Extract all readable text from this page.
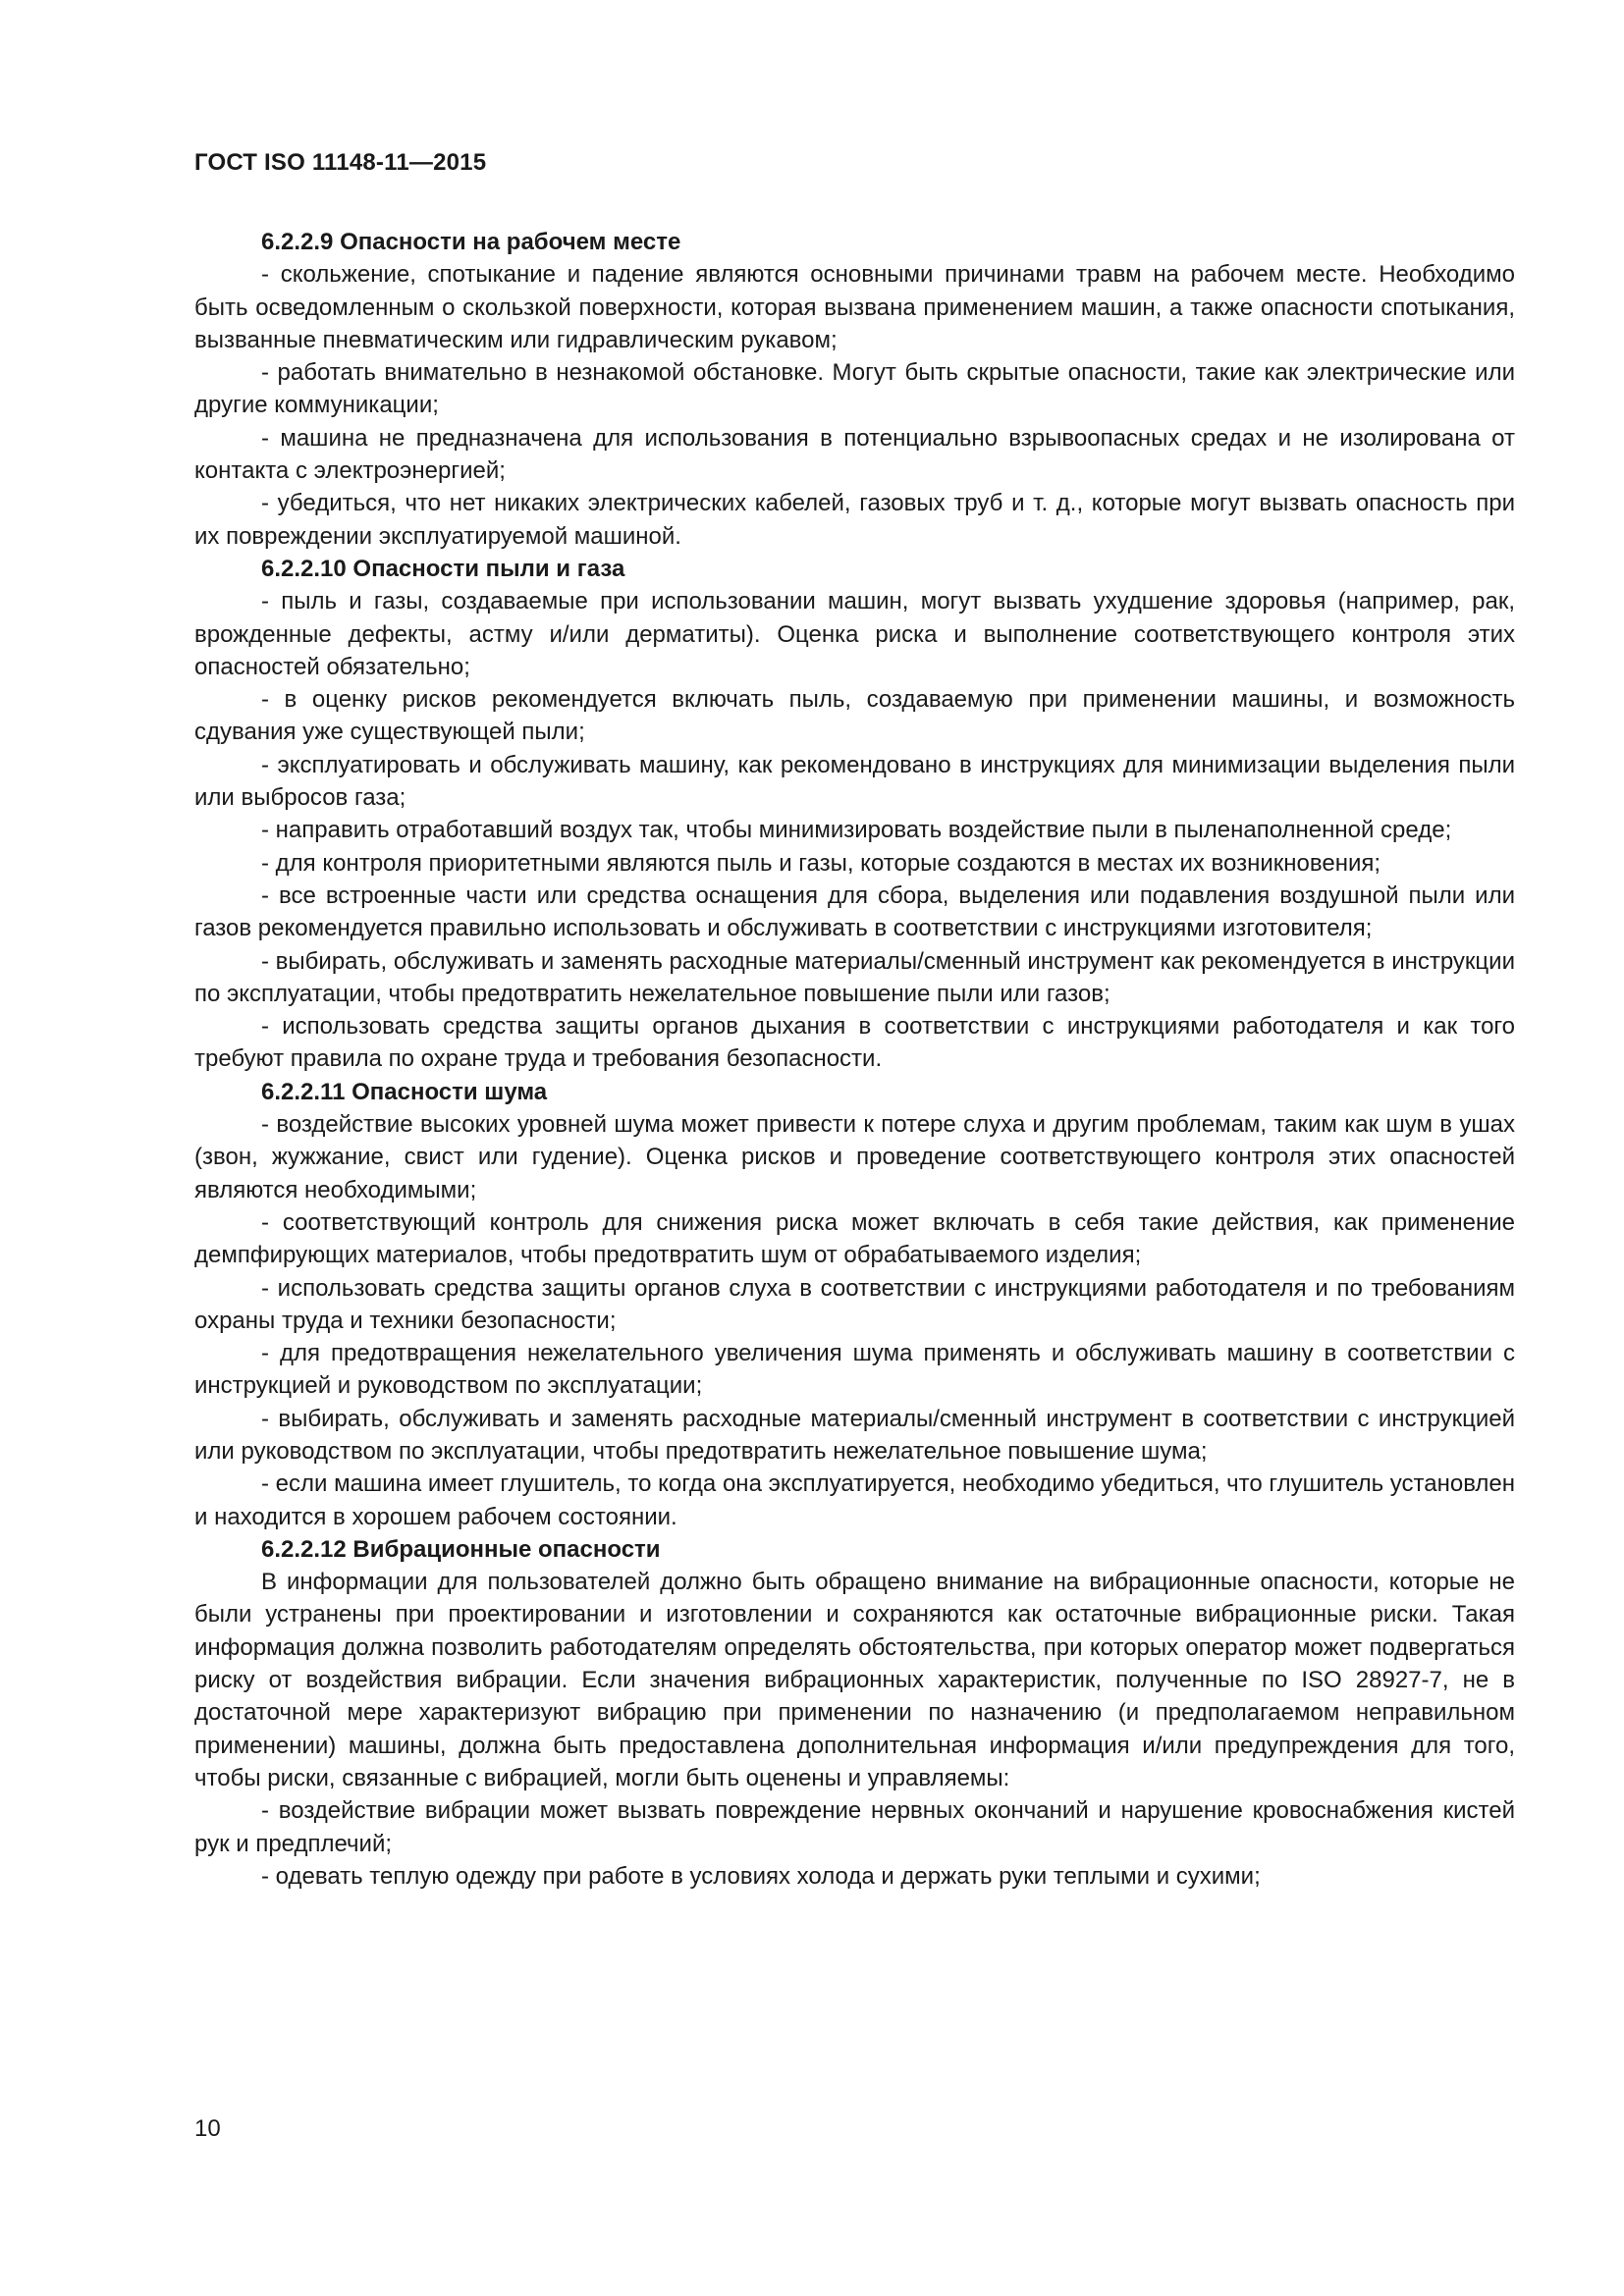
ГОСТ ISO 11148-11—2015
6.2.2.9 Опасности на рабочем месте

- скольжение, спотыкание и падение являются основными причинами травм на рабочем месте. Необходимо быть осведомленным о скользкой поверхности, которая вызвана применением машин, а также опасности спотыкания, вызванные пневматическим или гидравлическим рукавом;

- работать внимательно в незнакомой обстановке. Могут быть скрытые опасности, такие как электрические или другие коммуникации;

- машина не предназначена для использования в потенциально взрывоопасных средах и не изолирована от контакта с электроэнергией;

- убедиться, что нет никаких электрических кабелей, газовых труб и т. д., которые могут вызвать опасность при их повреждении эксплуатируемой машиной.

6.2.2.10 Опасности пыли и газа

- пыль и газы, создаваемые при использовании машин, могут вызвать ухудшение здоровья (например, рак, врожденные дефекты, астму и/или дерматиты). Оценка риска и выполнение соответствующего контроля этих опасностей обязательно;

- в оценку рисков рекомендуется включать пыль, создаваемую при применении машины, и возможность сдувания уже существующей пыли;

- эксплуатировать и обслуживать машину, как рекомендовано в инструкциях для минимизации выделения пыли или выбросов газа;

- направить отработавший воздух так, чтобы минимизировать воздействие пыли в пыленаполненной среде;

- для контроля приоритетными являются пыль и газы, которые создаются в местах их возникновения;

- все встроенные части или средства оснащения для сбора, выделения или подавления воздушной пыли или газов рекомендуется правильно использовать и обслуживать в соответствии с инструкциями изготовителя;

- выбирать, обслуживать и заменять расходные материалы/сменный инструмент как рекомендуется в инструкции по эксплуатации, чтобы предотвратить нежелательное повышение пыли или газов;

- использовать средства защиты органов дыхания в соответствии с инструкциями работодателя и как того требуют правила по охране труда и требования безопасности.

6.2.2.11 Опасности шума

- воздействие высоких уровней шума может привести к потере слуха и другим проблемам, таким как шум в ушах (звон, жужжание, свист или гудение). Оценка рисков и проведение соответствующего контроля этих опасностей являются необходимыми;

- соответствующий контроль для снижения риска может включать в себя такие действия, как применение демпфирующих материалов, чтобы предотвратить шум от обрабатываемого изделия;

- использовать средства защиты органов слуха в соответствии с инструкциями работодателя и по требованиям охраны труда и техники безопасности;

- для предотвращения нежелательного увеличения шума применять и обслуживать машину в соответствии с инструкцией и руководством по эксплуатации;

- выбирать, обслуживать и заменять расходные материалы/сменный инструмент в соответствии с инструкцией или руководством по эксплуатации, чтобы предотвратить нежелательное повышение шума;

- если машина имеет глушитель, то когда она эксплуатируется, необходимо убедиться, что глушитель установлен и находится в хорошем рабочем состоянии.

6.2.2.12 Вибрационные опасности

В информации для пользователей должно быть обращено внимание на вибрационные опасности, которые не были устранены при проектировании и изготовлении и сохраняются как остаточные вибрационные риски. Такая информация должна позволить работодателям определять обстоятельства, при которых оператор может подвергаться риску от воздействия вибрации. Если значения вибрационных характеристик, полученные по ISO 28927-7, не в достаточной мере характеризуют вибрацию при применении по назначению (и предполагаемом неправильном применении) машины, должна быть предоставлена дополнительная информация и/или предупреждения для того, чтобы риски, связанные с вибрацией, могли быть оценены и управляемы:

- воздействие вибрации может вызвать повреждение нервных окончаний и нарушение кровоснабжения кистей рук и предплечий;

- одевать теплую одежду при работе в условиях холода и держать руки теплыми и сухими;

10
